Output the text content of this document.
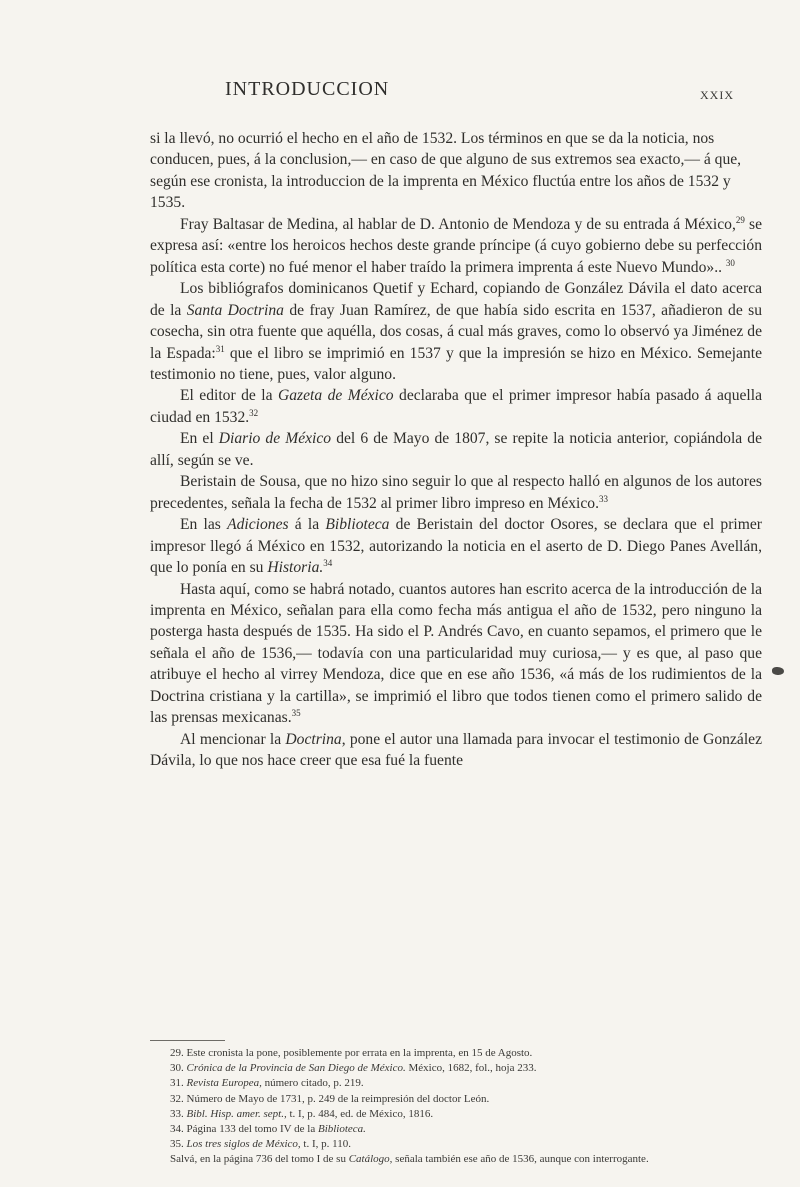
INTRODUCCION	XXIX

si la llevó, no ocurrió el hecho en el año de 1532. Los términos en que se da la noticia, nos conducen, pues, á la conclusion,— en caso de que alguno de sus extremos sea exacto,— á que, según ese cronista, la introduccion de la imprenta en México fluctúa entre los años de 1532 y 1535.

Fray Baltasar de Medina, al hablar de D. Antonio de Mendoza y de su entrada á México,$^{29}$ se expresa así: «entre los heroicos hechos deste grande príncipe (á cuyo gobierno debe su perfección política esta corte) no fué menor el haber traído la primera imprenta á este Nuevo Mundo».. $^{30}$

Los bibliógrafos dominicanos Quetif y Echard, copiando de González Dávila el dato acerca de la Santa Doctrina de fray Juan Ramírez, de que había sido escrita en 1537, añadieron de su cosecha, sin otra fuente que aquélla, dos cosas, á cual más graves, como lo observó ya Jiménez de la Espada:$^{31}$ que el libro se imprimió en 1537 y que la impresión se hizo en México. Semejante testimonio no tiene, pues, valor alguno.

El editor de la Gazeta de México declaraba que el primer impresor había pasado á aquella ciudad en 1532.32

En el Diario de México del 6 de Mayo de 1807, se repite la noticia anterior, copiándola de allí, según se ve.

Beristain de Sousa, que no hizo sino seguir lo que al respecto halló en algunos de los autores precedentes, señala la fecha de 1532 al primer libro impreso en México.$^{33}$

En las Adiciones á la Biblioteca de Beristain del doctor Osores, se declara que el primer impresor llegó á México en 1532, autorizando la noticia en el aserto de D. Diego Panes Avellán, que lo ponía en su Historia.$^{34}$

Hasta aquí, como se habrá notado, cuantos autores han escrito acerca de la introducción de la imprenta en México, señalan para ella como fecha más antigua el año de 1532, pero ninguno la posterga hasta después de 1535. Ha sido el P. Andrés Cavo, en cuanto sepamos, el primero que le señala el año de 1536,— todavía con una particularidad muy curiosa,— y es que, al paso que atribuye el hecho al virrey Mendoza, dice que en ese año 1536, «á más de los rudimientos de la Doctrina cristiana y la cartilla», se imprimió el libro que todos tienen como el primero salido de las prensas mexicanas.$^{35}$

Al mencionar la Doctrina, pone el autor una llamada para invocar el testimonio de González Dávila, lo que nos hace creer que esa fué la fuente

29. Este cronista la pone, posiblemente por errata en la imprenta, en 15 de Agosto.

30. Crónica de la Provincia de San Diego de México. México, 1682, fol., hoja 233.

31. Revista Europea, número citado, p. 219.

32. Número de Mayo de 1731, p. 249 de la reimpresión del doctor León.

33. Bibl. Hisp. amer. sept., t. I, p. 484, ed. de México, 1816.

34. Página 133 del tomo IV de la Biblioteca.

35. Los tres siglos de México, t. I, p. 110.

Salvá, en la página 736 del tomo I de su Catálogo, señala también ese año de 1536, aunque con interrogante.
